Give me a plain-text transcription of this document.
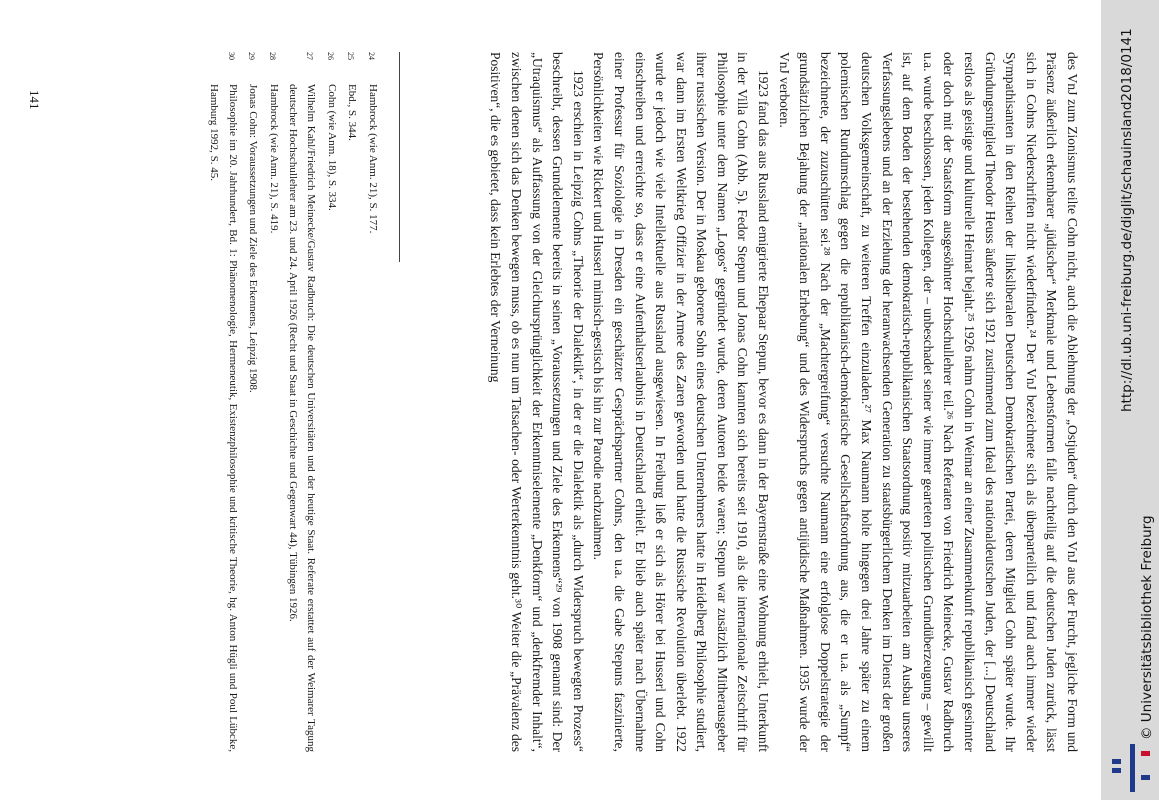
des VnJ zum Zionismus teilte Cohn nicht, auch die Ablehnung der „Ostjuden“ durch den VnJ aus der Furcht, jegliche Form und Präsenz äußerlich erkennbarer „jüdischer“ Merkmale und Lebensformen falle nachteilig auf die deutschen Juden zurück, lässt sich in Cohns Niederschriften nicht wiederfinden.²⁴ Der VnJ bezeichnete sich als überparteilich und fand auch immer wieder Sympathisanten in den Reihen der linksliberalen Deutschen Demokratischen Partei, deren Mitglied Cohn später wurde. Ihr Gründungsmitglied Theodor Heuss äußerte sich 1921 zustimmend zum Ideal des nationaldeutschen Juden, der [...] Deutschland restlos als geistige und kulturelle Heimat bejaht.²⁵ 1926 nahm Cohn in Weimar an einer Zusammenkunft republikanisch gesinnter oder doch mit der Staatsform ausgesöhnter Hochschullehrer teil.²⁶ Nach Referaten von Friedrich Meinecke, Gustav Radbruch u.a. wurde beschlossen, jeden Kollegen, der – unbeschadet seiner wie immer gearteten politischen Grundüberzeugung – gewillt ist, auf dem Boden der bestehenden demokratisch-republikanischen Staatsordnung positiv mitzuarbeiten am Ausbau unseres Verfassungslebens und an der Erziehung der heranwachsenden Generation zu staatsbürgerlichem Denken im Dienst der großen deutschen Volksgemeinschaft, zu weiteren Treffen einzuladen.²⁷ Max Naumann holte hingegen drei Jahre später zu einem polemischen Rundumschlag gegen die republikanisch-demokratische Gesellschaftsordnung aus, die er u.a. als „Sumpf“ bezeichnete, der zuzuschütten sei.²⁸ Nach der „Machtergreifung“ versuchte Naumann eine erfolglose Doppelstrategie der grundsätzlichen Bejahung der „nationalen Erhebung“ und des Widerspruchs gegen antijüdische Maßnahmen. 1935 wurde der VnJ verboten.

1923 fand das aus Russland emigrierte Ehepaar Stepun, bevor es dann in der Bayernstraße eine Wohnung erhielt, Unterkunft in der Villa Cohn (Abb. 5). Fedor Stepun und Jonas Cohn kannten sich bereits seit 1910, als die internationale Zeitschrift für Philosophie unter dem Namen „Logos“ gegründet wurde, deren Autoren beide waren; Stepun war zusätzlich Mitherausgeber ihrer russischen Version. Der in Moskau geborene Sohn eines deutschen Unternehmers hatte in Heidelberg Philosophie studiert, war dann im Ersten Weltkrieg Offizier in der Armee des Zaren geworden und hatte die Russische Revolution überlebt. 1922 wurde er jedoch wie viele Intellektuelle aus Russland ausgewiesen. In Freiburg ließ er sich als Hörer bei Husserl und Cohn einschreiben und erreichte so, dass er eine Aufenthaltserlaubnis in Deutschland erhielt. Er blieb auch später nach Übernahme einer Professur für Soziologie in Dresden ein geschätzter Gesprächspartner Cohns, den u.a. die Gabe Stepuns faszinierte, Persönlichkeiten wie Rickert und Husserl mimisch-gestisch bis hin zur Parodie nachzuahmen.

1923 erschien in Leipzig Cohns „Theorie der Dialektik“, in der er die Dialektik als „durch Widerspruch bewegten Prozess“ beschreibt, dessen Grundelemente bereits in seinen „Voraussetzungen und Ziele des Erkennens“²⁹ von 1908 genannt sind: Der „Utraquismus“ als Auffassung von der Gleichursprünglichkeit der Erkenntniselemente „Denkform“ und „denkfremder Inhalt“, zwischen denen sich das Denken bewegen muss, ob es nun um Tatsachen- oder Werterkenntnis geht.³⁰ Weiter die „Prävalenz des Positiven“, die es gebietet, dass kein Erlebtes der Verneinung

24
Hambrock (wie Anm. 21), S. 177.
25
Ebd., S. 344.
26
Cohn (wie Anm. 18), S. 334.
27
Wilhelm Kahl/Friedrich Meinecke/Gustav Radbruch: Die deutschen Universitäten und der heutige Staat. Referate erstattet auf der Weimarer Tagung deutscher Hochschullehrer am 23. und 24. April 1926 (Recht und Staat in Geschichte und Gegenwart 44), Tübingen 1926.
28
Hambrock (wie Anm. 21), S. 419.
29
Jonas Cohn: Voraussetzungen und Ziele des Erkennens, Leipzig 1908.
30
Philosophie im 20. Jahrhundert, Bd. 1: Phänomenologie, Hermeneutik, Existenzphilosophie und kritische Theorie, hg. Anton Hügli und Poul Lübcke, Hamburg 1992, S. 45.
141	http://dl.ub.uni-freiburg.de/diglit/schauinsland2018/0141
© Universitätsbibliothek Freiburg
